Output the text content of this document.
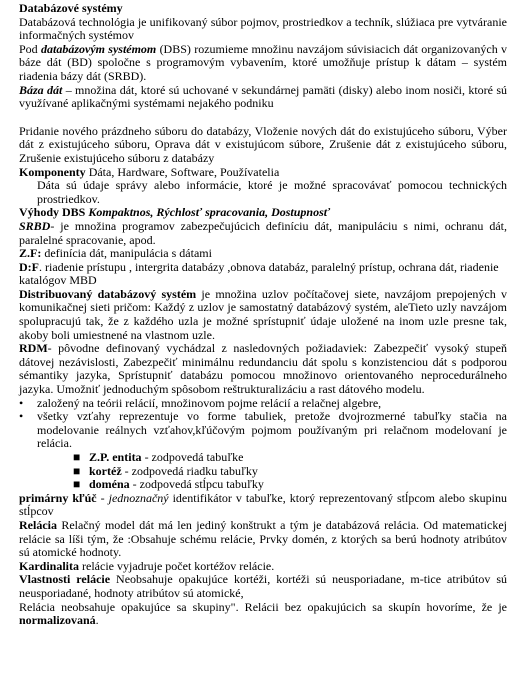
Databázové systémy

Databázová technológia je unifikovaný súbor pojmov, prostriedkov a techník, slúžiaca pre vytváranie informačných systémov

Pod databázovým systémom (DBS) rozumieme množinu navzájom súvisiacich dát organizovaných v báze dát (BD) spoločne s programovým vybavením, ktoré umožňuje prístup k dátam – systém riadenia bázy dát (SRBD).

Báza dát – množina dát, ktoré sú uchované v sekundárnej pamäti (disky) alebo inom nosiči, ktoré sú využívané aplikačnými systémami nejakého podniku

Pridanie nového prázdneho súboru do databázy, Vloženie nových dát do existujúceho súboru, Výber dát z existujúceho súboru, Oprava dát v existujúcom súbore, Zrušenie dát z existujúceho súboru, Zrušenie existujúceho súboru z databázy

Komponenty Dáta, Hardware, Software, Používatelia

Dáta sú údaje správy alebo informácie, ktoré je možné spracovávať pomocou technických prostriedkov.

Výhody DBS Kompaktnos, Rýchlosť spracovania, Dostupnosť

SRBD- je množina programov zabezpečujúcich definíciu dát, manipuláciu s nimi, ochranu dát, paralelné spracovanie, apod.

Z.F: definícia dát, manipulácia s dátami

D:F. riadenie prístupu , intergrita databázy ,obnova databáz, paralelný prístup, ochrana dát, riadenie katalógov MBD

Distribuovaný databázový systém je množina uzlov počítačovej siete, navzájom prepojených v komunikačnej sieti pričom: Každý z uzlov je samostatný databázový systém, aleTieto uzly navzájom spolupracujú tak, že z každého uzla je možné sprístupniť údaje uložené na inom uzle presne tak, akoby boli umiestnené na vlastnom uzle.

RDM- pôvodne definovaný vychádzal z nasledovných požiadaviek: Zabezpečiť vysoký stupeň dátovej nezávislosti, Zabezpečiť minimálnu redundanciu dát spolu s konzistenciou dát s podporou sémantiky jazyka, Sprístupniť databázu pomocou množinovo orientovaného neprocedurálneho jazyka. Umožniť jednoduchým spôsobom reštrukturalizáciu a rast dátového modelu.

• založený na teórii relácií, množinovom pojme relácií a relačnej algebre,
• všetky vzťahy reprezentuje vo forme tabuliek, pretože dvojrozmerné tabuľky stačia na modelovanie reálnych vzťahov,kľúčovým pojmom používaným pri relačnom modelovaní je relácia.
■ Z.P. entita - zodpovedá tabuľke
■ kortéž - zodpovedá riadku tabuľky
■ doména - zodpovedá stĺpcu tabuľky

primárny kľúč - jednoznačný identifikátor v tabuľke, ktorý reprezentovaný stĺpcom alebo skupinu stĺpcov

Relácia Relačný model dát má len jediný konštrukt a tým je databázová relácia. Od matematickej relácie sa líši tým, že :Obsahuje schému relácie, Prvky domén, z ktorých sa berú hodnoty atribútov sú atomické hodnoty.

Kardinalita relácie vyjadruje počet kortéžov relácie.

Vlastnosti relácie Neobsahuje opakujúce kortéži, kortéži sú neusporiadane, m-tice atribútov sú neusporiadané, hodnoty atribútov sú atomické,

Relácia neobsahuje opakujúce sa skupiny". Relácii bez opakujúcich sa skupín hovoríme, že je normalizovaná.
